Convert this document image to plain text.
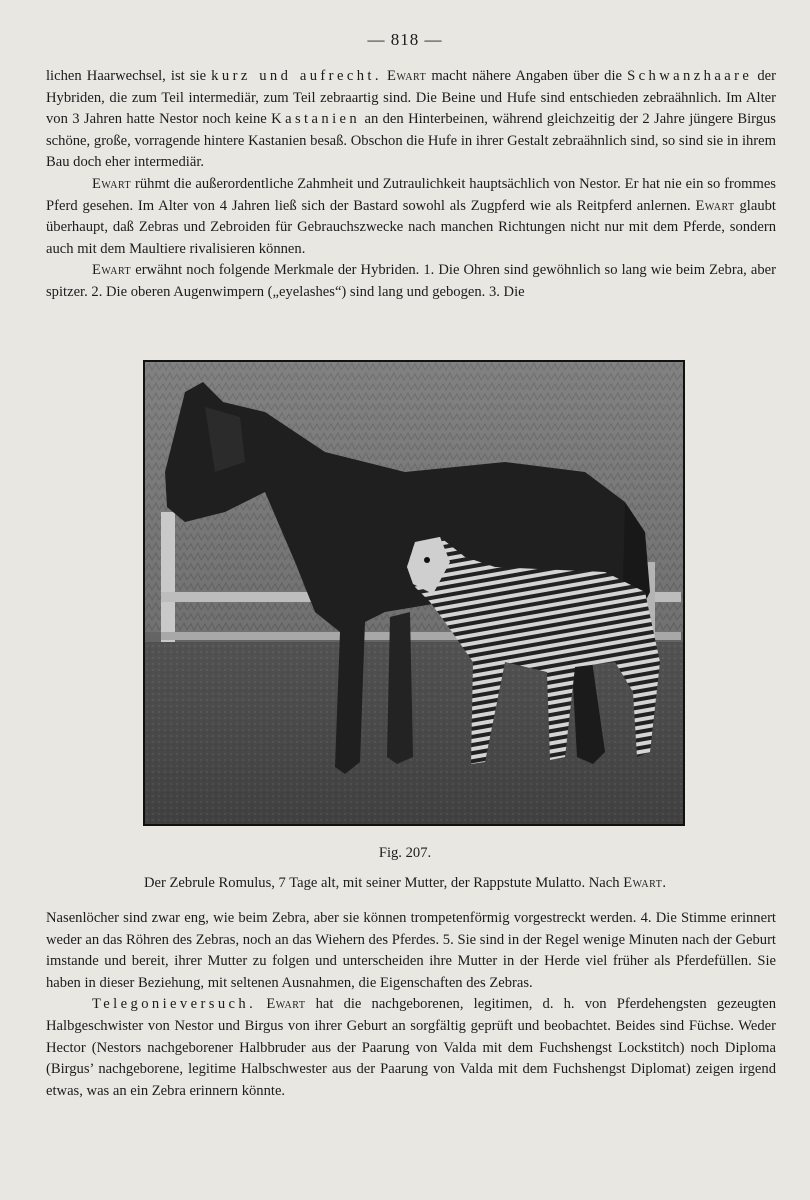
— 818 —

lichen Haarwechsel, ist sie kurz und aufrecht. Ewart macht nähere Angaben über die Schwanzhaare der Hybriden, die zum Teil intermediär, zum Teil zebraartig sind. Die Beine und Hufe sind entschieden zebraähnlich. Im Alter von 3 Jahren hatte Nestor noch keine Kastanien an den Hinterbeinen, während gleichzeitig der 2 Jahre jüngere Birgus schöne, große, vorragende hintere Kastanien besaß. Obschon die Hufe in ihrer Gestalt zebraähnlich sind, so sind sie in ihrem Bau doch eher intermediär.

Ewart rühmt die außerordentliche Zahmheit und Zutraulichkeit hauptsächlich von Nestor. Er hat nie ein so frommes Pferd gesehen. Im Alter von 4 Jahren ließ sich der Bastard sowohl als Zugpferd wie als Reitpferd anlernen. Ewart glaubt überhaupt, daß Zebras und Zebroiden für Gebrauchszwecke nach manchen Richtungen nicht nur mit dem Pferde, sondern auch mit dem Maultiere rivalisieren können.

Ewart erwähnt noch folgende Merkmale der Hybriden. 1. Die Ohren sind gewöhnlich so lang wie beim Zebra, aber spitzer. 2. Die oberen Augenwimpern („eyelashes“) sind lang und gebogen. 3. Die

Fig. 207.
Der Zebrule Romulus, 7 Tage alt, mit seiner Mutter, der Rappstute Mulatto. Nach Ewart.

Nasenlöcher sind zwar eng, wie beim Zebra, aber sie können trompetenförmig vorgestreckt werden. 4. Die Stimme erinnert weder an das Röhren des Zebras, noch an das Wiehern des Pferdes. 5. Sie sind in der Regel wenige Minuten nach der Geburt imstande und bereit, ihrer Mutter zu folgen und unterscheiden ihre Mutter in der Herde viel früher als Pferdefüllen. Sie haben in dieser Beziehung, mit seltenen Ausnahmen, die Eigenschaften des Zebras.

Telegonieversuch. Ewart hat die nachgeborenen, legitimen, d. h. von Pferdehengsten gezeugten Halbgeschwister von Nestor und Birgus von ihrer Geburt an sorgfältig geprüft und beobachtet. Beides sind Füchse. Weder Hector (Nestors nachgeborener Halbbruder aus der Paarung von Valda mit dem Fuchshengst Lockstitch) noch Diploma (Birgus’ nachgeborene, legitime Halbschwester aus der Paarung von Valda mit dem Fuchshengst Diplomat) zeigen irgend etwas, was an ein Zebra erinnern könnte.
